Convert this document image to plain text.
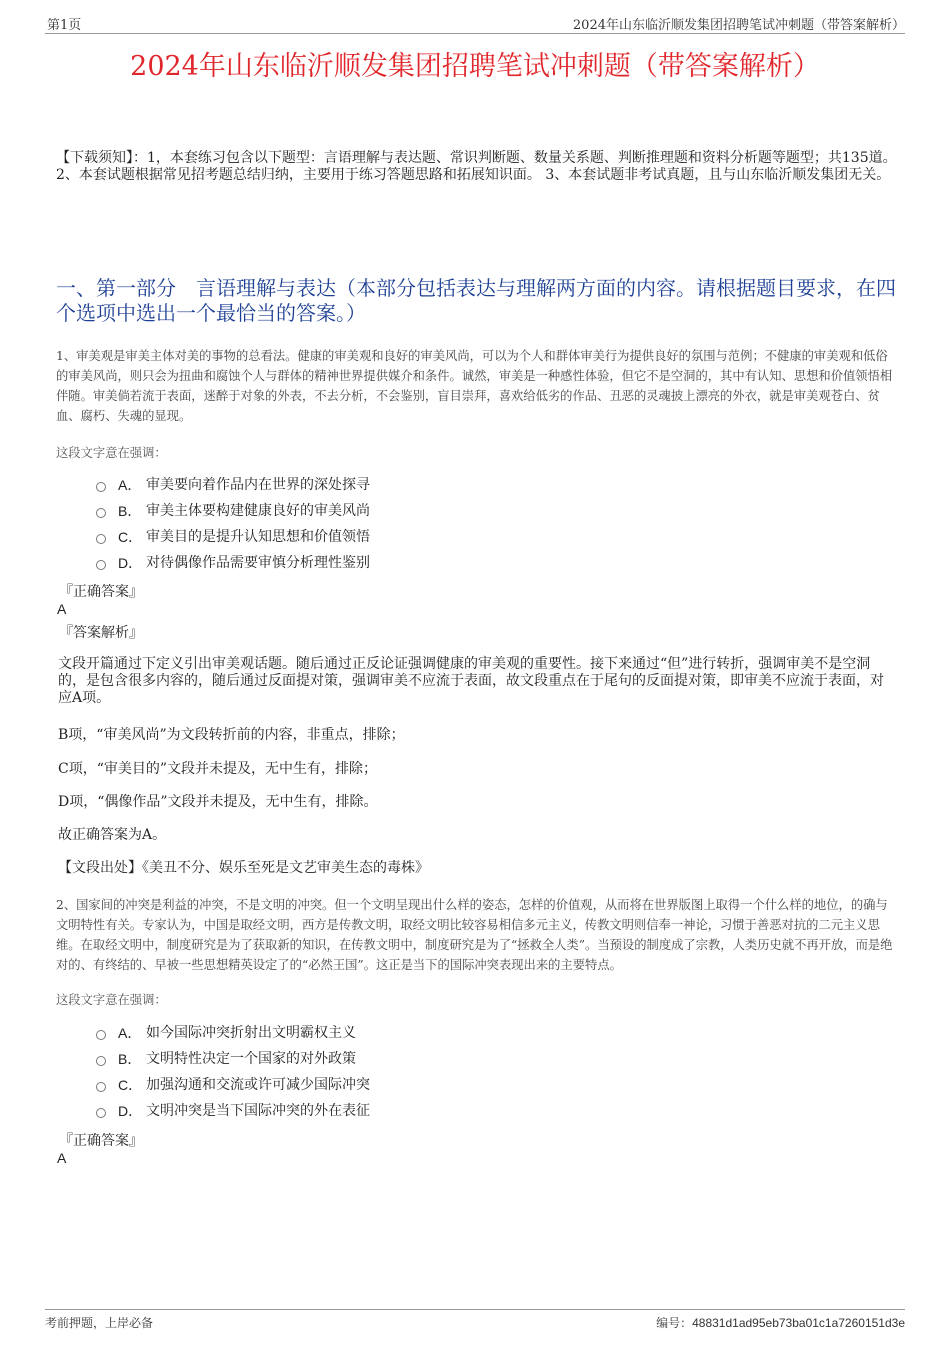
第1页	2024年山东临沂顺发集团招聘笔试冲刺题（带答案解析）
2024年山东临沂顺发集团招聘笔试冲刺题（带答案解析）
【下载须知】：1，本套练习包含以下题型：言语理解与表达题、常识判断题、数量关系题、判断推理题和资料分析题等题型；共135道。 2、本套试题根据常见招考题总结归纳，主要用于练习答题思路和拓展知识面。 3、本套试题非考试真题，且与山东临沂顺发集团无关。
一、第一部分　言语理解与表达（本部分包括表达与理解两方面的内容。请根据题目要求，在四个选项中选出一个最恰当的答案。）
1、审美观是审美主体对美的事物的总看法。健康的审美观和良好的审美风尚，可以为个人和群体审美行为提供良好的氛围与范例；不健康的审美观和低俗的审美风尚，则只会为扭曲和腐蚀个人与群体的精神世界提供媒介和条件。诚然，审美是一种感性体验，但它不是空洞的，其中有认知、思想和价值领悟相伴随。审美倘若流于表面，迷醉于对象的外表，不去分析，不会鉴别，盲目崇拜，喜欢给低劣的作品、丑恶的灵魂披上漂亮的外衣，就是审美观苍白、贫血、腐朽、失魂的显现。
这段文字意在强调：
A． 审美要向着作品内在世界的深处探寻
B． 审美主体要构建健康良好的审美风尚
C． 审美目的是提升认知思想和价值领悟
D． 对待偶像作品需要审慎分析理性鉴别
『正确答案』
A
『答案解析』
文段开篇通过下定义引出审美观话题。随后通过正反论证强调健康的审美观的重要性。接下来通过“但”进行转折，强调审美不是空洞的，是包含很多内容的，随后通过反面提对策，强调审美不应流于表面，故文段重点在于尾句的反面提对策，即审美不应流于表面，对应A项。
B项，“审美风尚”为文段转折前的内容，非重点，排除；
C项，“审美目的”文段并未提及，无中生有，排除；
D项，“偶像作品”文段并未提及，无中生有，排除。
故正确答案为A。
【文段出处】《美丑不分、娱乐至死是文艺审美生态的毒株》
2、国家间的冲突是利益的冲突，不是文明的冲突。但一个文明呈现出什么样的姿态，怎样的价值观，从而将在世界版图上取得一个什么样的地位，的确与文明特性有关。专家认为，中国是取经文明，西方是传教文明，取经文明比较容易相信多元主义，传教文明则信奉一神论，习惯于善恶对抗的二元主义思维。在取经文明中，制度研究是为了获取新的知识，在传教文明中，制度研究是为了“拯救全人类”。当预设的制度成了宗教，人类历史就不再开放，而是绝对的、有终结的、早被一些思想精英设定了的“必然王国”。这正是当下的国际冲突表现出来的主要特点。
这段文字意在强调：
A． 如今国际冲突折射出文明霸权主义
B． 文明特性决定一个国家的对外政策
C． 加强沟通和交流或许可减少国际冲突
D． 文明冲突是当下国际冲突的外在表征
『正确答案』
A
考前押题，上岸必备	编号：48831d1ad95eb73ba01c1a7260151d3e
